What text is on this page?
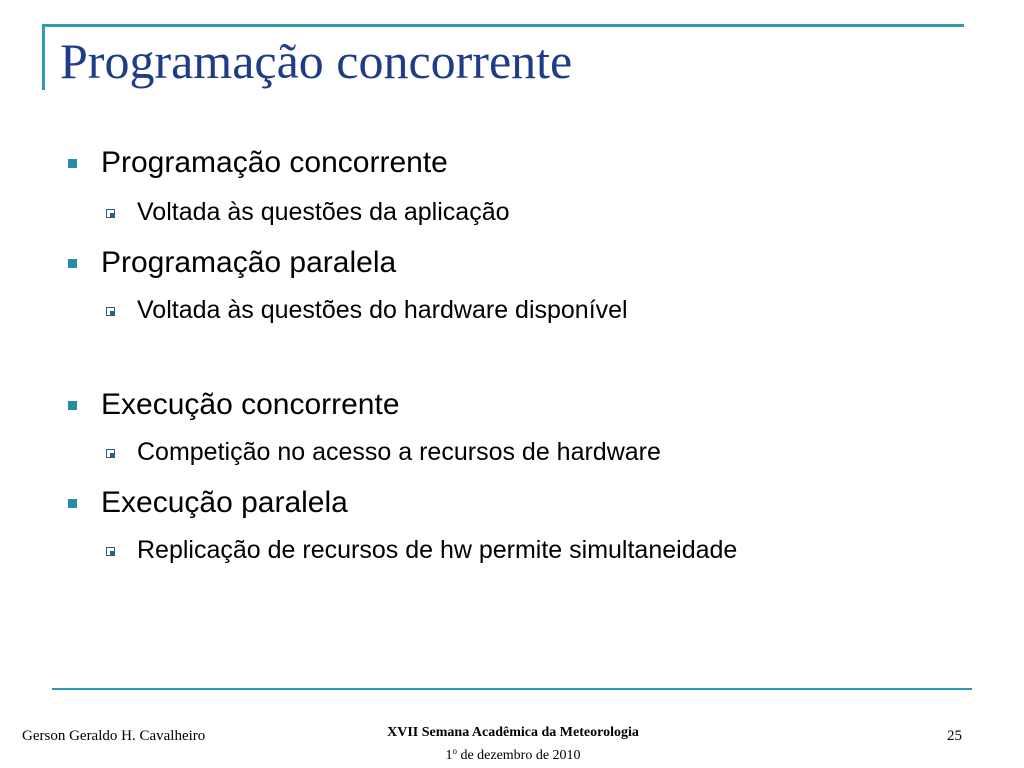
Programação concorrente
Programação concorrente
Voltada às questões da aplicação
Programação paralela
Voltada às questões do hardware disponível
Execução concorrente
Competição no acesso a recursos de hardware
Execução paralela
Replicação de recursos de hw permite simultaneidade
Gerson Geraldo H. Cavalheiro	XVII Semana Acadêmica da Meteorologia
1$^o$ de dezembro de 2010
25
